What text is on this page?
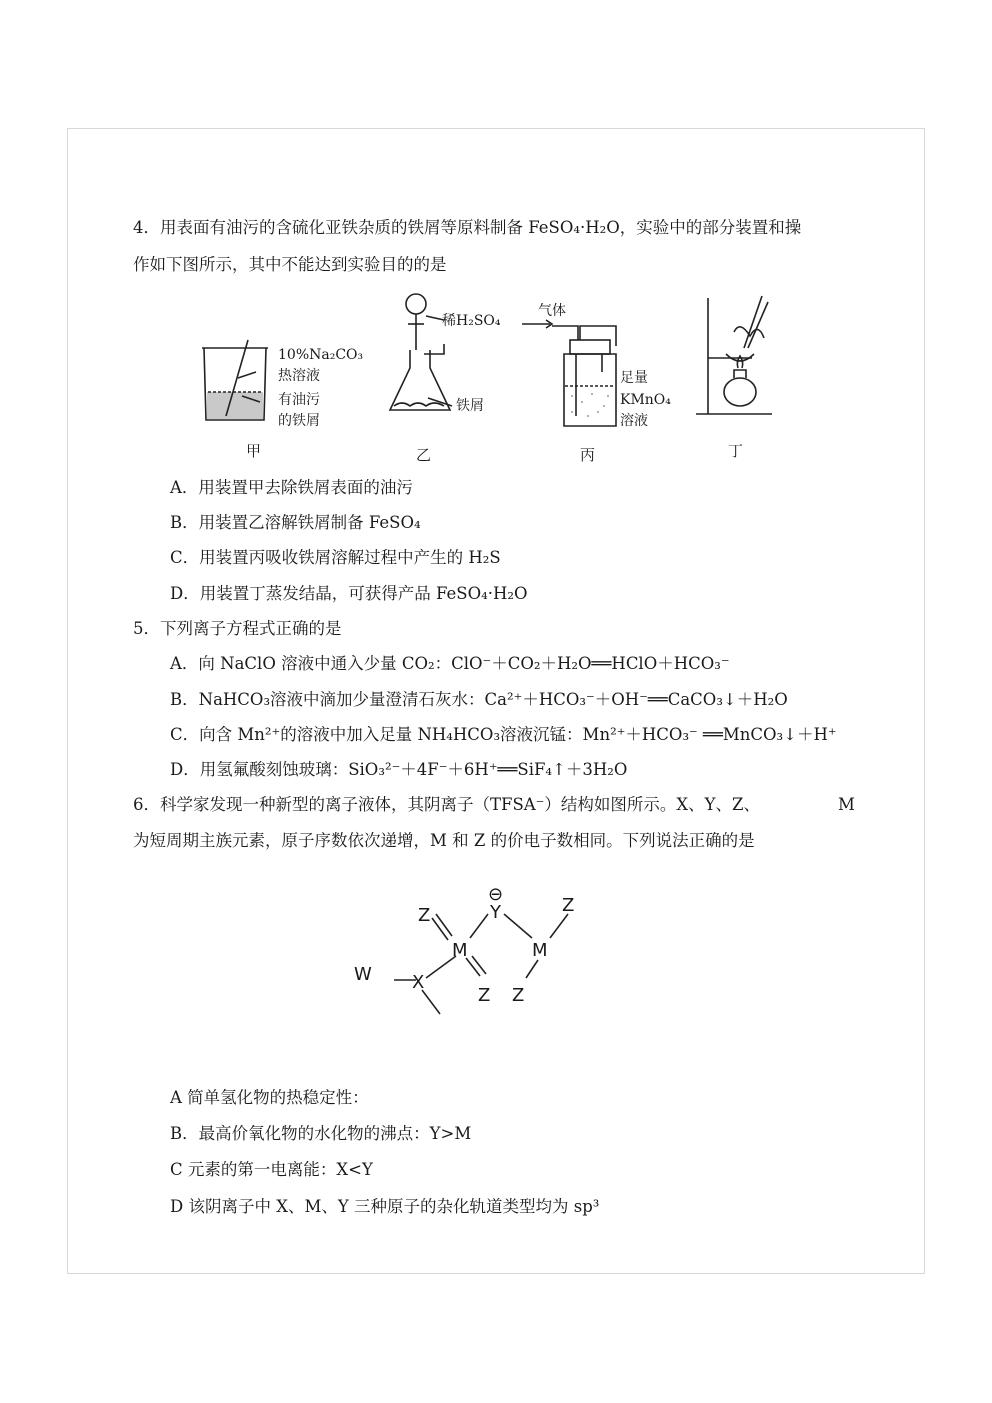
4．用表面有油污的含硫化亚铁杂质的铁屑等原料制备 FeSO₄·H₂O，实验中的部分装置和操
作如下图所示，其中不能达到实验目的的是
10%Na₂CO₃
热溶液
有油污
的铁屑
甲
稀H₂SO₄
铁屑
乙
气体
足量
KMnO₄
溶液
丙	丁
A．用装置甲去除铁屑表面的油污
B．用装置乙溶解铁屑制备 FeSO₄
C．用装置丙吸收铁屑溶解过程中产生的 H₂S
D．用装置丁蒸发结晶，可获得产品 FeSO₄·H₂O
5．下列离子方程式正确的是
A．向 NaClO 溶液中通入少量 CO₂：ClO⁻＋CO₂＋H₂O══HClO＋HCO₃⁻
B．NaHCO₃溶液中滴加少量澄清石灰水：Ca²⁺＋HCO₃⁻＋OH⁻══CaCO₃↓＋H₂O
C．向含 Mn²⁺的溶液中加入足量 NH₄HCO₃溶液沉锰：Mn²⁺＋HCO₃⁻ ══MnCO₃↓＋H⁺
D．用氢氟酸刻蚀玻璃：SiO₃²⁻＋4F⁻＋6H⁺══SiF₄↑＋3H₂O
6．科学家发现一种新型的离子液体，其阴离子（TFSA⁻）结构如图所示。X、Y、Z、	M
为短周期主族元素，原子序数依次递增，M 和 Z 的价电子数相同。下列说法正确的是
⊖
Z	Y	Z
M	M
W X
Z Z
A 简单氢化物的热稳定性：
B．最高价氧化物的水化物的沸点：Y>M
C 元素的第一电离能：X<Y
D 该阴离子中 X、M、Y 三种原子的杂化轨道类型均为 sp³
